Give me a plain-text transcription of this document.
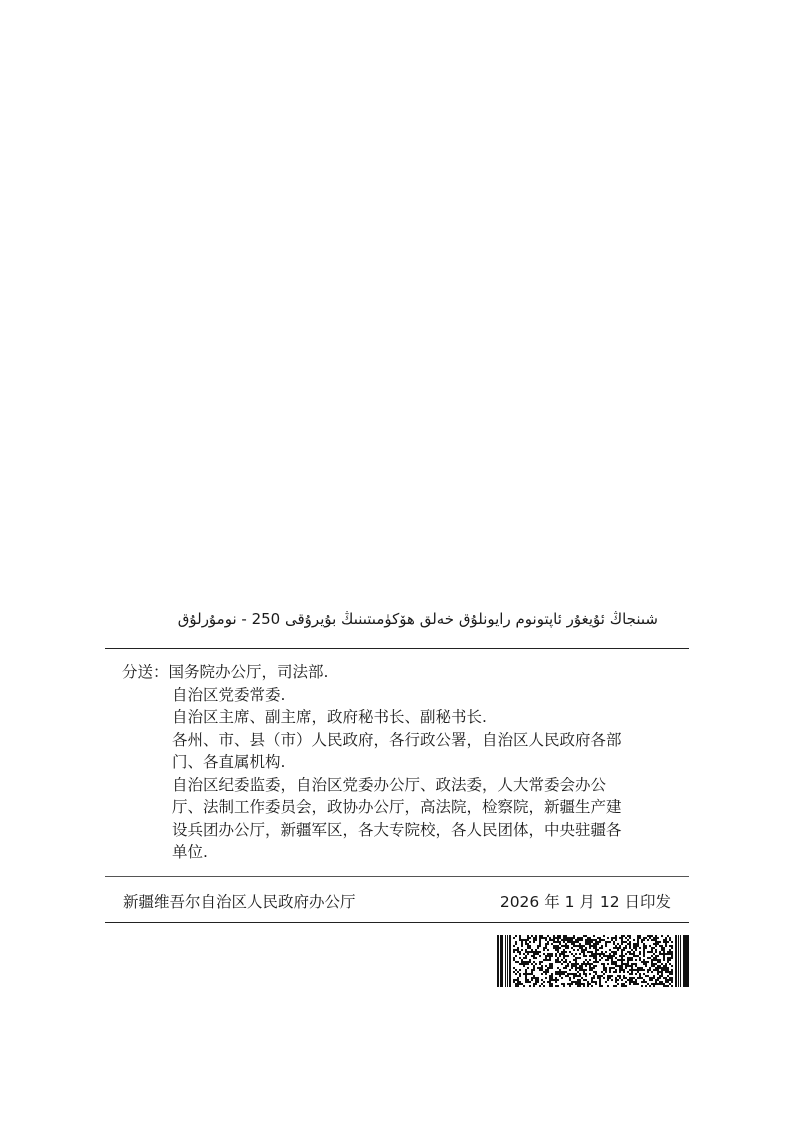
شىنجاڭ ئۇيغۇر ئاپتونوم رايونلۇق خەلق ھۆكۈمىتىنىڭ بۇيرۇقى 250 - نومۇرلۇق
分送：国务院办公厅，司法部.
自治区党委常委.
自治区主席、副主席，政府秘书长、副秘书长.
各州、市、县（市）人民政府，各行政公署，自治区人民政府各部
门、各直属机构.
自治区纪委监委，自治区党委办公厅、政法委，人大常委会办公
厅、法制工作委员会，政协办公厅，高法院，检察院，新疆生产建
设兵团办公厅，新疆军区，各大专院校，各人民团体，中央驻疆各
单位.
新疆维吾尔自治区人民政府办公厅	2026 年 1 月 12 日印发
